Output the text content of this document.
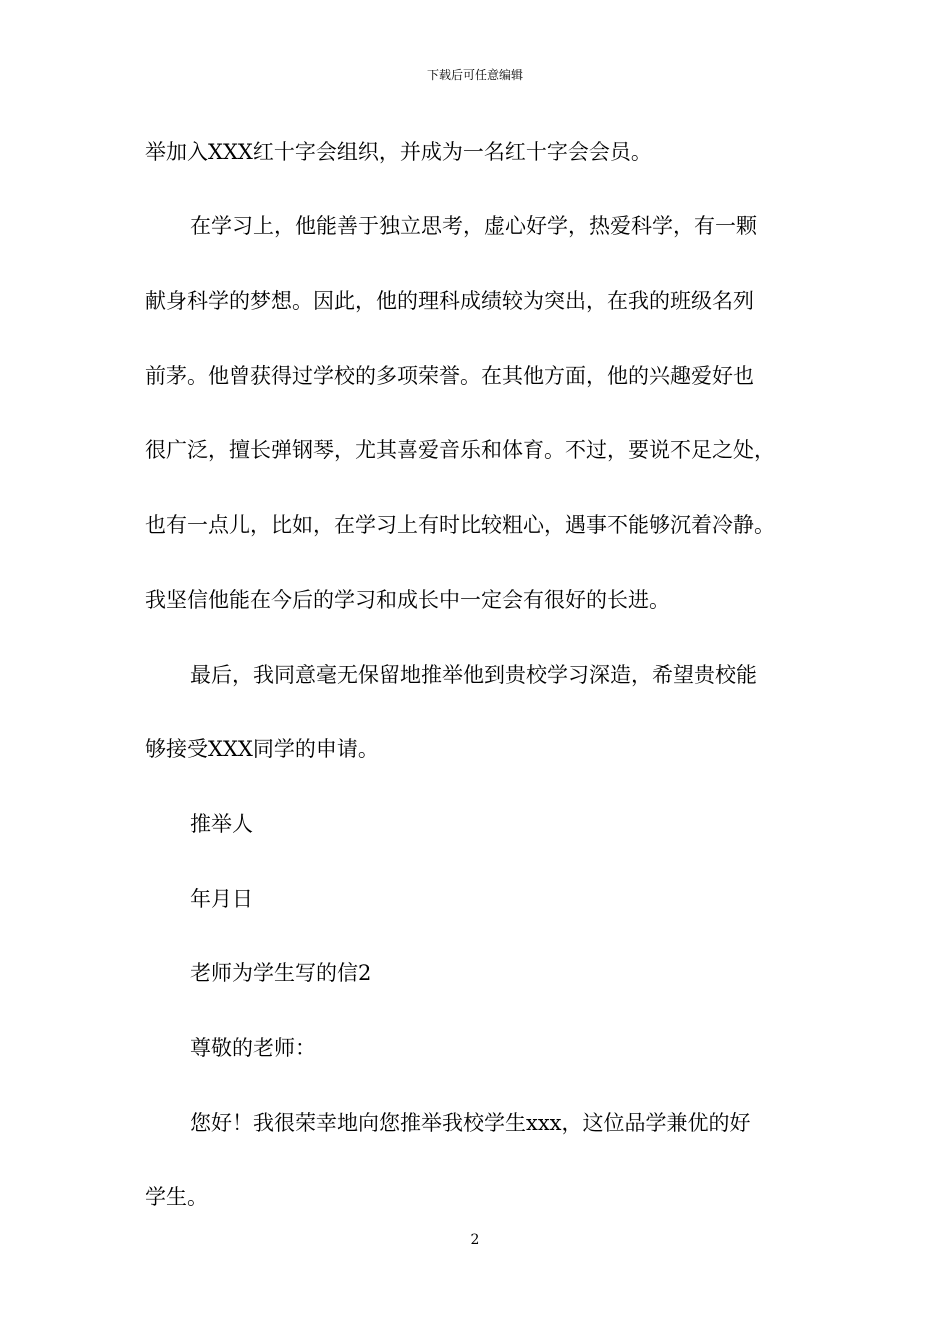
下载后可任意编辑
举加入XXX红十字会组织，并成为一名红十字会会员。
在学习上，他能善于独立思考，虚心好学，热爱科学，有一颗
献身科学的梦想。因此，他的理科成绩较为突出，在我的班级名列
前茅。他曾获得过学校的多项荣誉。在其他方面，他的兴趣爱好也
很广泛，擅长弹钢琴，尤其喜爱音乐和体育。不过，要说不足之处，
也有一点儿，比如，在学习上有时比较粗心，遇事不能够沉着冷静。
我坚信他能在今后的学习和成长中一定会有很好的长进。
最后，我同意毫无保留地推举他到贵校学习深造，希望贵校能
够接受XXX同学的申请。
推举人
年月日
老师为学生写的信2
尊敬的老师：
您好！我很荣幸地向您推举我校学生xxx，这位品学兼优的好
学生。
2
